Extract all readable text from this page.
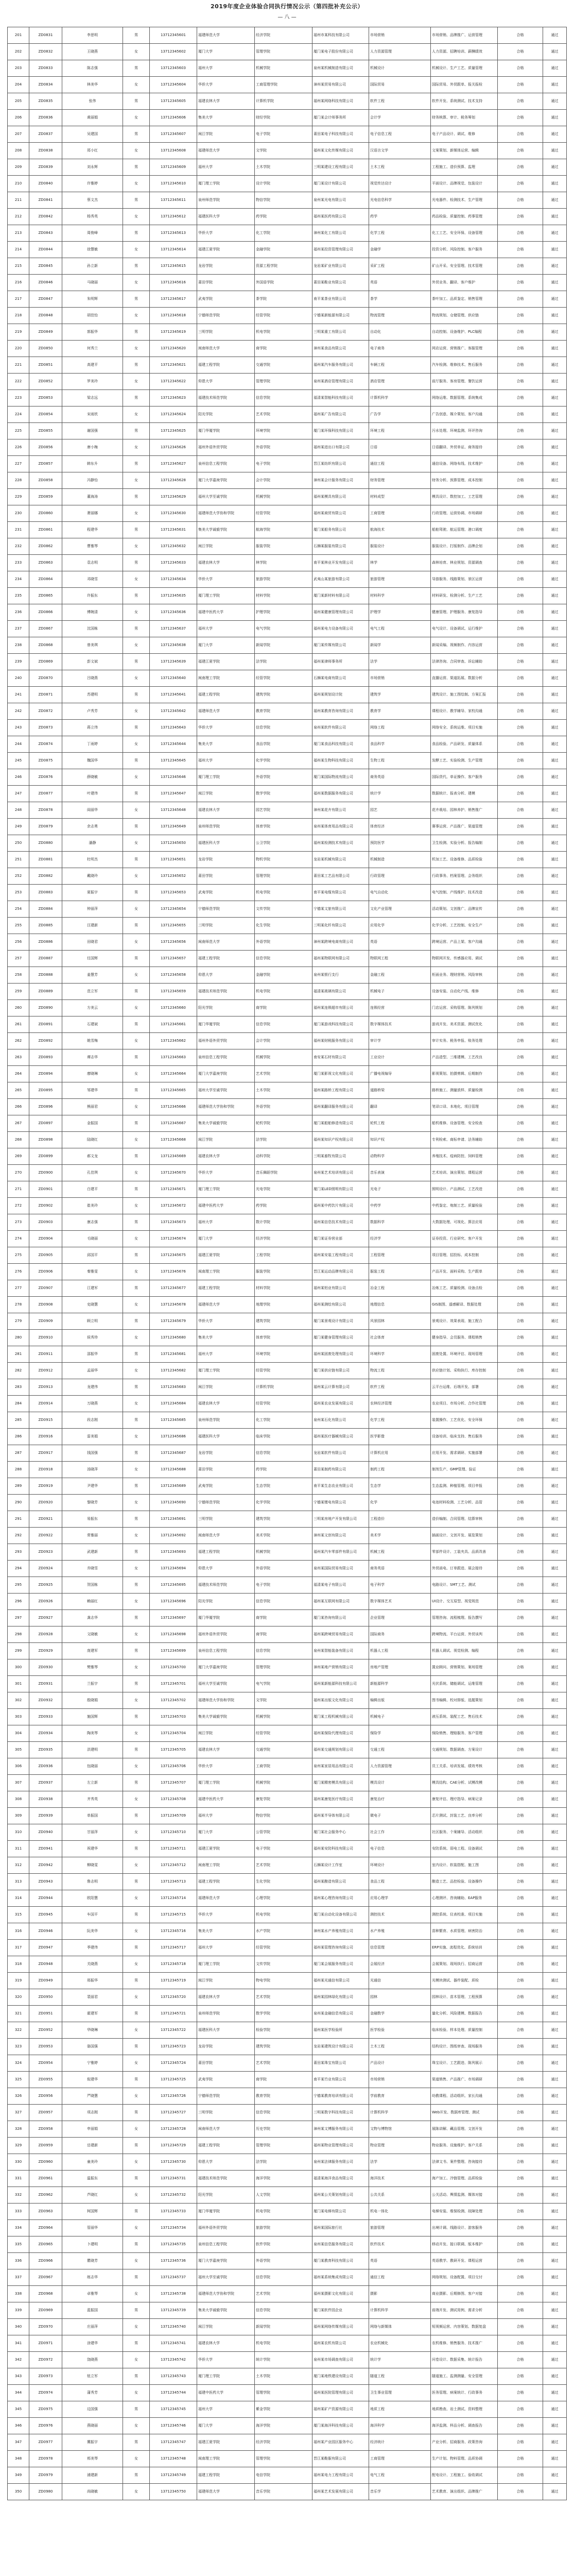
2019年度企业体验合同执行情况公示（第四批补充公示）
— 八 —
201	ZD0831	李思明	男	13712345601	福建师范大学	经济学院	福州市某科技有限公司	市场营销	市场营销、品牌推广、运营管理	合格	通过
202	ZD0832	王晓燕	女	13712345602	厦门大学	管理学院	厦门某电子股份有限公司	人力资源管理	人力资源、招聘培训、薪酬绩效	合格	通过
203	ZD0833	陈志强	男	13712345603	福州大学	机械学院	泉州某机械制造有限公司	机械设计	机械设计、生产工艺、质量管理	合格	通过
204	ZD0834	林美华	女	13712345604	华侨大学	工商管理学院	漳州某贸易有限公司	国际贸易	国际贸易、外贸跟单、报关报检	合格	通过
205	ZD0835	张伟	男	13712345605	福建农林大学	计算机学院	福州某网络科技有限公司	软件工程	软件开发、系统测试、技术支持	合格	通过
206	ZD0836	黄丽娟	女	13712345606	集美大学	财经学院	厦门某会计师事务所	会计学	财务核算、审计、税务筹划	合格	通过
207	ZD0837	吴建国	男	13712345607	闽江学院	电子学院	莆田某电子科技有限公司	电子信息工程	电子产品设计、调试、维修	合格	通过
208	ZD0838	郑小红	女	13712345608	福建师范大学	文学院	福州某文化传媒有限公司	汉语言文学	文案策划、新媒体运营、编辑	合格	通过
209	ZD0839	刘永辉	男	13712345609	福州大学	土木学院	三明某建设工程有限公司	土木工程	工程施工、造价预算、监理	合格	通过
210	ZD0840	许雅婷	女	13712345610	厦门理工学院	设计学院	厦门某设计有限公司	视觉传达设计	平面设计、品牌视觉、包装设计	合格	通过
211	ZD0841	蔡文杰	男	13712345611	泉州师范学院	物信学院	泉州某光电有限公司	光电信息科学	光电器件、检测技术、生产管理	合格	通过
212	ZD0842	杨秀英	女	13712345612	福建医科大学	药学院	福州某医药有限公司	药学	药品检验、质量控制、药事管理	合格	通过
213	ZD0843	周俊峰	男	13712345613	华侨大学	化工学院	漳州某化工有限公司	化学工程	化工工艺、安全环保、设备管理	合格	通过
214	ZD0844	徐慧敏	女	13712345614	福建江夏学院	金融学院	福州某投资管理有限公司	金融学	投资分析、风险控制、客户服务	合格	通过
215	ZD0845	孙立新	男	13712345615	龙岩学院	资源工程学院	龙岩某矿业有限公司	采矿工程	矿山开采、安全管理、技术管理	合格	通过
216	ZD0846	马晓丽	女	13712345616	莆田学院	外国语学院	莆田某鞋业有限公司	英语	外贸业务、翻译、客户维护	合格	通过
217	ZD0847	朱明辉	男	13712345617	武夷学院	茶学院	南平某茶业有限公司	茶学	茶叶加工、品质鉴定、销售管理	合格	通过
218	ZD0848	胡佳怡	女	13712345618	宁德师范学院	经管学院	宁德某新能源有限公司	物流管理	物流规划、仓储管理、供应链	合格	通过
219	ZD0849	郭振华	男	13712345619	三明学院	机电学院	三明某重工有限公司	自动化	自动控制、设备维护、PLC编程	合格	通过
220	ZD0850	何秀兰	女	13712345620	闽南师范大学	商学院	漳州某食品有限公司	电子商务	网店运营、营销推广、客服管理	合格	通过
221	ZD0851	高建平	男	13712345621	福建工程学院	交通学院	福州某汽车服务有限公司	车辆工程	汽车检测、维修技术、售后服务	合格	通过
222	ZD0852	罗美玲	女	13712345622	仰恩大学	管理学院	泉州某酒店管理有限公司	酒店管理	前厅服务、客房管理、餐饮运营	合格	通过
223	ZD0853	梁志远	男	13712345623	福建技术师范学院	信息学院	福清某智能科技有限公司	计算机科学	网络运维、数据管理、系统集成	合格	通过
224	ZD0854	宋雨欣	女	13712345624	阳光学院	艺术学院	福州某广告有限公司	广告学	广告创意、媒介策划、客户沟通	合格	通过
225	ZD0855	谢国强	男	13712345625	厦门华厦学院	环境学院	厦门某环保科技有限公司	环境工程	污水处理、环境监测、环评咨询	合格	通过
226	ZD0856	唐小梅	女	13712345626	福州外语外贸学院	外语学院	福州某进出口有限公司	日语	日语翻译、外贸单证、商务接待	合格	通过
227	ZD0857	韩东升	男	13712345627	泉州信息工程学院	电子学院	晋江某纺织有限公司	通信工程	通信设备、网络布线、技术维护	合格	通过
228	ZD0858	冯静怡	女	13712345628	厦门大学嘉庚学院	会计学院	漳州某会计服务有限公司	财务管理	财务分析、预算管理、成本控制	合格	通过
229	ZD0859	董海涛	男	13712345629	福州大学至诚学院	机械学院	福州某模具有限公司	材料成型	模具设计、数控加工、工艺管理	合格	通过
230	ZD0860	萧丽娜	女	13712345630	福建师范大学协和学院	经管学院	福州某商贸有限公司	工商管理	行政管理、运营协调、市场调研	合格	通过
231	ZD0861	程建华	男	13712345631	集美大学诚毅学院	航海学院	厦门某船务有限公司	航海技术	船舶驾驶、航运管理、港口调度	合格	通过
232	ZD0862	曹雅琴	女	13712345632	闽江学院	服装学院	石狮某服装有限公司	服装设计	服装设计、打版制作、品牌企划	合格	通过
233	ZD0863	袁志明	男	13712345633	福建农林大学	林学院	南平某林业开发有限公司	林学	森林培育、林业规划、资源调查	合格	通过
234	ZD0864	邓晓雪	女	13712345634	华侨大学	旅游学院	武夷山某旅游有限公司	旅游管理	导游服务、线路策划、景区运营	合格	通过
235	ZD0865	许振东	男	13712345635	厦门理工学院	材料学院	厦门某新材料有限公司	材料科学	材料研发、检测分析、生产工艺	合格	通过
236	ZD0866	傅婉清	女	13712345636	福建中医药大学	护理学院	福州某健康管理有限公司	护理学	健康管理、护理服务、康复指导	合格	通过
237	ZD0867	沈国栋	男	13712345637	福州大学	电气学院	福州某电力设备有限公司	电气工程	电气设计、设备调试、运行维护	合格	通过
238	ZD0868	曾美琪	女	13712345638	厦门大学	新闻学院	厦门某传媒有限公司	新闻学	新闻采编、视频制作、内容运营	合格	通过
239	ZD0869	彭文斌	男	13712345639	福建江夏学院	法学院	福州某律师事务所	法学	法律咨询、合同审查、诉讼辅助	合格	通过
240	ZD0870	吕晓燕	女	13712345640	闽南理工学院	经管学院	石狮某电商有限公司	市场营销	直播运营、渠道拓展、数据分析	合格	通过
241	ZD0871	苏建明	男	13712345641	福建工程学院	建筑学院	福州某规划设计院	建筑学	建筑设计、施工图绘制、方案汇报	合格	通过
242	ZD0872	卢秀芳	女	13712345642	福建师范大学	教育学院	福州某教育咨询有限公司	教育学	课程设计、教学辅导、家校沟通	合格	通过
243	ZD0873	蒋立伟	男	13712345643	华侨大学	信息学院	泉州某软件有限公司	网络工程	网络安全、系统运维、项目实施	合格	通过
244	ZD0874	丁雨婷	女	13712345644	集美大学	食品学院	厦门某食品科技有限公司	食品科学	食品检验、产品研发、质量体系	合格	通过
245	ZD0875	魏国华	男	13712345645	福州大学	化学学院	福州某生物科技有限公司	生物工程	发酵工艺、实验检测、生产管理	合格	通过
246	ZD0876	薛晓敏	女	13712345646	厦门理工学院	外语学院	厦门某国际物流有限公司	商务英语	国际货代、单证操作、客户服务	合格	通过
247	ZD0877	叶建伟	男	13712345647	闽江学院	数学学院	福州某数据服务有限公司	统计学	数据统计、报表分析、建模	合格	通过
248	ZD0878	阎丽华	女	13712345648	福建农林大学	园艺学院	漳州某花卉有限公司	园艺	花卉栽培、园林养护、销售推广	合格	通过
249	ZD0879	余志勇	男	13712345649	泉州师范学院	体育学院	泉州某体育用品有限公司	体育经济	赛事运营、产品推广、渠道管理	合格	通过
250	ZD0880	潘静	女	13712345650	福建医科大学	公卫学院	福州某检测技术有限公司	预防医学	卫生检测、实验分析、报告编制	合格	通过
251	ZD0881	杜明杰	男	13712345651	龙岩学院	物机学院	龙岩某机械有限公司	机械制造	机加工艺、设备维修、品质检验	合格	通过
252	ZD0882	戴晓玲	女	13712345652	莆田学院	管理学院	莆田某工艺品有限公司	行政管理	行政事务、档案管理、会务组织	合格	通过
253	ZD0883	夏振宇	男	13712345653	武夷学院	机电学院	南平某电缆有限公司	电气自动化	电气控制、产线维护、技术改造	合格	通过
254	ZD0884	钟丽萍	女	13712345654	宁德师范学院	文传学院	宁德某文旅有限公司	文化产业管理	活动策划、文创推广、品牌宣传	合格	通过
255	ZD0885	汪建新	男	13712345655	三明学院	化生学院	三明某化纤有限公司	应用化学	化学分析、工艺控制、安全生产	合格	通过
256	ZD0886	田晓君	女	13712345656	闽南师范大学	外语学院	漳州某跨境电商有限公司	英语	跨境运营、产品上架、客户沟通	合格	通过
257	ZD0887	任国辉	男	13712345657	福建工程学院	信息学院	福州某物联网有限公司	物联网工程	物联网开发、传感器应用、调试	合格	通过
258	ZD0888	姜慧芳	女	13712345658	仰恩大学	金融学院	泉州某银行支行	金融工程	柜面业务、理财营销、风险审核	合格	通过
259	ZD0889	范立军	男	13712345659	福建技术师范学院	机电学院	福清某玻璃有限公司	机械电子	设备安装、自动化产线、维修	合格	通过
260	ZD0890	方美云	女	13712345660	阳光学院	商学院	福州某连锁超市有限公司	连锁经营	门店运营、采购管理、陈列规划	合格	通过
261	ZD0891	石建斌	男	13712345661	厦门华厦学院	信息学院	厦门某游戏科技有限公司	数字媒体技术	游戏开发、美术资源、测试优化	合格	通过
262	ZD0892	姚雪梅	女	13712345662	福州外语外贸学院	会计学院	福州某财税服务有限公司	审计学	审计实务、税务申报、账务处理	合格	通过
263	ZD0893	谭志华	男	13712345663	泉州信息工程学院	机械学院	南安某石材有限公司	工业设计	产品造型、三维建模、工艺改良	合格	通过
264	ZD0894	廖晓琳	女	13712345664	厦门大学嘉庚学院	艺术学院	厦门某影视文化有限公司	广播电视编导	影视策划、拍摄剪辑、后期制作	合格	通过
265	ZD0895	邹建华	男	13712345665	福州大学至诚学院	土木学院	福州某路桥工程有限公司	道路桥梁	路桥施工、测量放样、质量检测	合格	通过
266	ZD0896	熊丽君	女	13712345666	福建师范大学协和学院	外语学院	福州某翻译服务有限公司	翻译	笔译口译、本地化、项目管理	合格	通过
267	ZD0897	金振国	男	13712345667	集美大学诚毅学院	轮机学院	厦门某船舶修造有限公司	轮机工程	船机维修、设备管理、安全检查	合格	通过
268	ZD0898	陆晓红	女	13712345668	闽江学院	法学院	福州某知识产权有限公司	知识产权	专利检索、商标申请、法务辅助	合格	通过
269	ZD0899	郝文龙	男	13712345669	福建农林大学	动科学院	三明某畜牧有限公司	动物科学	养殖技术、疫病防控、饲料管理	合格	通过
270	ZD0900	孔佳琪	女	13712345670	华侨大学	音乐舞蹈学院	泉州某艺术培训有限公司	音乐表演	艺术培训、演出策划、课程运营	合格	通过
271	ZD0901	白建平	男	13712345671	厦门理工学院	光电学院	厦门某LED照明有限公司	光电子	照明设计、产品测试、工艺改进	合格	通过
272	ZD0902	崔美玲	女	13712345672	福建中医药大学	药学院	福州某中药饮片有限公司	中药学	中药鉴定、炮制工艺、质量检验	合格	通过
273	ZD0903	康志强	男	13712345673	福州大学	数计学院	福州某信息技术有限公司	数据科学	大数据处理、可视化、算法应用	合格	通过
274	ZD0904	毛晓丽	女	13712345674	厦门大学	经济学院	厦门某证券营业部	经济学	证券投资、行业研究、客户开发	合格	通过
275	ZD0905	邱国平	男	13712345675	福建江夏学院	工程学院	福州某安装工程有限公司	工程管理	项目管理、招投标、成本控制	合格	通过
276	ZD0906	秦雅雯	女	13712345676	闽南理工学院	服装学院	晋江某运动品牌有限公司	服装工程	产品开发、面料采购、生产跟单	合格	通过
277	ZD0907	江建军	男	13712345677	福建工程学院	材料学院	福州某铝业有限公司	冶金工程	冶炼工艺、质量检测、设备点检	合格	通过
278	ZD0908	史晓慧	女	13712345678	福建师范大学	地理学院	福州某测绘有限公司	地理信息	GIS制图、遥感解译、数据处理	合格	通过
279	ZD0909	顾立明	男	13712345679	华侨大学	建筑学院	厦门某景观设计有限公司	风景园林	景观设计、效果表现、施工配合	合格	通过
280	ZD0910	侯秀珍	女	13712345680	集美大学	体育学院	厦门某健身管理有限公司	社会体育	健身指导、会员服务、课程销售	合格	通过
281	ZD0911	邵振华	男	13712345681	福州大学	环境学院	福州某固废处理有限公司	环境科学	固废处置、环境评估、现场管理	合格	通过
282	ZD0912	孟丽华	女	13712345682	厦门理工学院	经管学院	厦门某供应链有限公司	物流工程	供应链计划、采购执行、库存控制	合格	通过
283	ZD0913	龙建伟	男	13712345683	闽江学院	计算机学院	福州某云计算有限公司	软件工程	云平台运维、后端开发、部署	合格	通过
284	ZD0914	万晓燕	女	13712345684	福建农林大学	经管学院	福州某农业发展有限公司	农林经济管理	农业项目、市场分析、合作社管理	合格	通过
285	ZD0915	段志刚	男	13712345685	泉州师范学院	化工学院	泉州某石化有限公司	化学工程	装置操作、工艺优化、安全环保	合格	通过
286	ZD0916	雷美娟	女	13712345686	福建医科大学	临床学院	福州某医疗器械有限公司	医学影像	设备培训、临床支持、售后服务	合格	通过
287	ZD0917	钱国强	男	13712345687	龙岩学院	信息学院	龙岩某软件有限公司	计算机应用	应用开发、需求调研、实施部署	合格	通过
288	ZD0918	汤晓萍	女	13712345688	莆田学院	药学院	莆田某制药有限公司	制药工程	制剂生产、GMP管理、验证	合格	通过
289	ZD0919	尹建华	男	13712345689	武夷学院	生态学院	南平某生态农业有限公司	生态学	生态监测、种植管理、项目申报	合格	通过
290	ZD0920	黎晓芳	女	13712345690	宁德师范学院	化学学院	宁德某锂电有限公司	化学	电池材料检测、工艺分析、品管	合格	通过
291	ZD0921	易振东	男	13712345691	三明学院	建筑学院	三明某房地产开发有限公司	工程造价	造价编制、合同管理、结算审核	合格	通过
292	ZD0922	常雅丽	女	13712345692	闽南师范大学	美术学院	漳州某文创有限公司	美术学	插画设计、文创开发、展览策划	合格	通过
293	ZD0923	武建新	男	13712345693	福建工程学院	机械学院	福州某汽车零部件有限公司	机械工程	零部件设计、工装夹具、品质改善	合格	通过
294	ZD0924	乔晓雪	女	13712345694	仰恩大学	外语学院	泉州某国际贸易有限公司	商务英语	外贸函电、订单跟进、展会接待	合格	通过
295	ZD0925	贺国栋	男	13712345695	福建技术师范学院	电子学院	福清某电子有限公司	电子科学	电路设计、SMT工艺、测试	合格	通过
296	ZD0926	赖丽红	女	13712345696	阳光学院	信息学院	福州某互联网有限公司	数字媒体艺术	UI设计、交互原型、视觉规范	合格	通过
297	ZD0927	龚志华	男	13712345697	厦门华厦学院	商学院	厦门某咨询有限公司	企业管理	管理咨询、流程梳理、报告撰写	合格	通过
298	ZD0928	文晓敏	女	13712345698	福州外语外贸学院	商学院	福州某跨境贸易有限公司	国际商务	跨境物流、平台运营、外贸谈判	合格	通过
299	ZD0929	庞建军	男	13712345699	泉州信息工程学院	信息学院	泉州某智能装备有限公司	机器人工程	机器人调试、视觉检测、编程	合格	通过
300	ZD0930	樊雅琴	女	13712345700	厦门大学嘉庚学院	管理学院	漳州某地产营销有限公司	房地产管理	置业顾问、营销策划、案场管理	合格	通过
301	ZD0931	兰振宇	男	13712345701	福州大学至诚学院	电气学院	福州某新能源科技有限公司	新能源科学	光伏系统、储能调试、运维管理	合格	通过
302	ZD0932	殷晓娟	女	13712345702	福建师范大学协和学院	文学院	福州某出版文化有限公司	编辑出版	图书编辑、校对排版、选题策划	合格	通过
303	ZD0933	施国辉	男	13712345703	集美大学诚毅学院	机械学院	厦门某工程机械有限公司	机械电子	液压系统、装配工艺、售后技术	合格	通过
304	ZD0934	陶美琴	女	13712345704	闽江学院	经管学院	福州某保险代理有限公司	保险学	保险销售、理赔服务、客户管理	合格	通过
305	ZD0935	洪建明	男	13712345705	福建农林大学	交通学院	福州某交通规划有限公司	交通工程	交通规划、数据调查、方案设计	合格	通过
306	ZD0936	包晓丽	女	13712345706	华侨大学	工商学院	泉州某家居用品有限公司	人力资源管理	员工关系、培训发展、绩效考核	合格	通过
307	ZD0937	左立新	男	13712345707	厦门理工学院	机械学院	厦门某精密模具有限公司	模具设计	模具结构、CAE分析、试模改模	合格	通过
308	ZD0938	齐秀英	女	13712345708	福建中医药大学	康复学院	福州某康复医疗有限公司	康复治疗	康复评估、理疗指导、病案记录	合格	通过
309	ZD0939	单振国	男	13712345709	福州大学	物信学院	福州某半导体有限公司	微电子	芯片测试、封装工艺、良率分析	合格	通过
310	ZD0940	甘丽萍	女	13712345710	厦门大学	公管学院	厦门某社会服务中心	社会工作	社区服务、个案辅导、活动组织	合格	通过
311	ZD0941	祝建华	男	13712345711	福建江夏学院	电子学院	福州某安防科技有限公司	电子信息	安防系统、弱电工程、设备调试	合格	通过
312	ZD0942	柳晓雯	女	13712345712	闽南理工学院	艺术学院	石狮某设计工作室	环境设计	室内设计、软装搭配、施工图	合格	通过
313	ZD0943	鲁志明	男	13712345713	福建工程学院	生化学院	福州某酿造有限公司	食品工程	酿造工艺、品控检验、设备操作	合格	通过
314	ZD0944	欧阳慧	女	13712345714	福建师范大学	心理学院	福州某心理咨询有限公司	应用心理学	心理测评、咨询辅助、EAP服务	合格	通过
315	ZD0945	车国平	男	13712345715	华侨大学	机电学院	厦门某自动化设备有限公司	测控技术	测控系统、仪表校准、项目实施	合格	通过
316	ZD0946	阮美华	女	13712345716	集美大学	水产学院	漳州某水产养殖有限公司	水产养殖	苗种繁育、水质管理、病害防治	合格	通过
317	ZD0947	季建伟	男	13712345717	福州大学	经管学院	福州某管理咨询有限公司	信息管理	ERP实施、流程优化、系统培训	合格	通过
318	ZD0948	关晓燕	女	13712345718	厦门理工学院	文传学院	厦门某会展服务有限公司	会展经济	会展策划、现场执行、招商运营	合格	通过
319	ZD0949	邢振华	男	13712345719	闽江学院	物电学院	福州某光通信有限公司	光通信	光模块测试、器件装配、质检	合格	通过
320	ZD0950	裴丽君	女	13712345720	福建农林大学	艺术学院	福州某园林绿化有限公司	园林	园林设计、苗木管理、工程预算	合格	通过
321	ZD0951	霍建军	男	13712345721	泉州师范学院	数学学院	泉州某金融信息有限公司	金融数学	量化分析、风险建模、数据报告	合格	通过
322	ZD0952	华晓琳	女	13712345722	福建医科大学	检验学院	福州某医学检验所	医学检验	临床检验、样本处理、质量控制	合格	通过
323	ZD0953	骆国强	男	13712345723	龙岩学院	建筑学院	龙岩某建筑设计有限公司	土木工程	结构设计、图纸审查、现场服务	合格	通过
324	ZD0954	宁雅婷	女	13712345724	莆田学院	艺术学院	莆田某珠宝有限公司	产品设计	珠宝设计、工艺跟进、陈列展示	合格	通过
325	ZD0955	倪建华	男	13712345725	武夷学院	商学院	南平某竹业有限公司	市场营销	渠道销售、产品推广、市场调研	合格	通过
326	ZD0956	严晓慧	女	13712345726	宁德师范学院	教育学院	宁德某教育培训有限公司	学前教育	幼教课程、活动组织、家长沟通	合格	通过
327	ZD0957	项志刚	男	13712345727	三明学院	信息学院	三明某数字科技有限公司	计算机科学	Web开发、数据库管理、测试	合格	通过
328	ZD0958	申丽娟	女	13712345728	闽南师范大学	历史学院	漳州某文博服务有限公司	文物与博物馆	展陈讲解、藏品管理、文创开发	合格	通过
329	ZD0959	岳建新	男	13712345729	福建工程学院	管理学院	福州某物业管理有限公司	物业管理	物业服务、设施维护、客户关系	合格	通过
330	ZD0960	童美玲	女	13712345730	仰恩大学	法学院	泉州某法律服务有限公司	法学	法律文书、案件整理、咨询接待	合格	通过
331	ZD0961	温振东	男	13712345731	福建技术师范学院	海洋学院	福清某海洋食品有限公司	海洋技术	海产加工、冷链管理、品质检验	合格	通过
332	ZD0962	芦晓红	女	13712345732	阳光学院	人文学院	福州某公关策划有限公司	公共关系	公关活动、舆情监测、媒体对接	合格	通过
333	ZD0963	柯国辉	男	13712345733	厦门华厦学院	机电学院	厦门某电梯有限公司	机电一体化	电梯安装、维保检测、故障处理	合格	通过
334	ZD0964	管丽华	女	13712345734	福州外语外贸学院	旅游学院	福州某国际旅行社	旅游管理	出境计调、线路设计、游客服务	合格	通过
335	ZD0965	卜建明	男	13712345735	泉州信息工程学院	软件学院	泉州某信息服务有限公司	软件技术	移动开发、接口联调、版本维护	合格	通过
336	ZD0966	瞿晓芳	女	13712345736	厦门大学嘉庚学院	外语学院	厦门某教育科技有限公司	英语	英语教学、教研开发、课程运营	合格	通过
337	ZD0967	练志华	男	13712345737	福州大学至诚学院	信息学院	福州某系统集成有限公司	通信工程	网络规划、设备配置、项目交付	合格	通过
338	ZD0968	卓雅琴	女	13712345738	福建师范大学协和学院	艺术学院	福州某摄影文化有限公司	摄影	商业摄影、后期修图、客户对接	合格	通过
339	ZD0969	蓝振国	男	13712345739	集美大学诚毅学院	信息学院	厦门某软件园企业	计算机科学	前端开发、测试用例、需求分析	合格	通过
340	ZD0970	庄丽萍	女	13712345740	闽江学院	新闻学院	福州某网络传媒有限公司	网络与新媒体	短视频运营、内容策划、数据复盘	合格	通过
341	ZD0971	涂建华	男	13712345741	福建农林大学	机电学院	福州某农机有限公司	农业机械化	农机维修、销售服务、技术推广	合格	通过
342	ZD0972	饶晓燕	女	13712345742	华侨大学	统计学院	泉州某市场调查有限公司	统计学	问卷设计、数据采集、统计报告	合格	通过
343	ZD0973	钮立军	男	13712345743	厦门理工学院	土木学院	厦门某地铁建设有限公司	隧道工程	隧道施工、监测测量、安全管理	合格	通过
344	ZD0974	蒲秀芳	女	13712345744	福建中医药大学	管理学院	福州某医院管理有限公司	卫生事业管理	医务管理、病案统计、行政事务	合格	通过
345	ZD0975	边国强	男	13712345745	福州大学	紫金学院	福州某矿产资源有限公司	地质工程	地质勘查、岩土测试、资料整理	合格	通过
346	ZD0976	燕晓丽	女	13712345746	厦门大学	海洋学院	厦门某海洋科技有限公司	海洋科学	海洋监测、样品分析、调查报告	合格	通过
347	ZD0977	冀振宇	男	13712345747	福建江夏学院	经济学院	福州某产业园区服务中心	经济统计	产业分析、招商服务、政策咨询	合格	通过
348	ZD0978	郏美琴	女	13712345748	闽南理工学院	管理学院	晋江某鞋服有限公司	工商管理	生产计划、物料管理、品质协调	合格	通过
349	ZD0979	浦建新	男	13712345749	福建工程学院	电信学院	福州某电力工程有限公司	电气工程	配电设计、工程施工、验收调试	合格	通过
350	ZD0980	尚晓敏	女	13712345750	福建师范大学	音乐学院	福州某艺术发展有限公司	音乐学	艺术教育、演出组织、品牌推广	合格	通过
